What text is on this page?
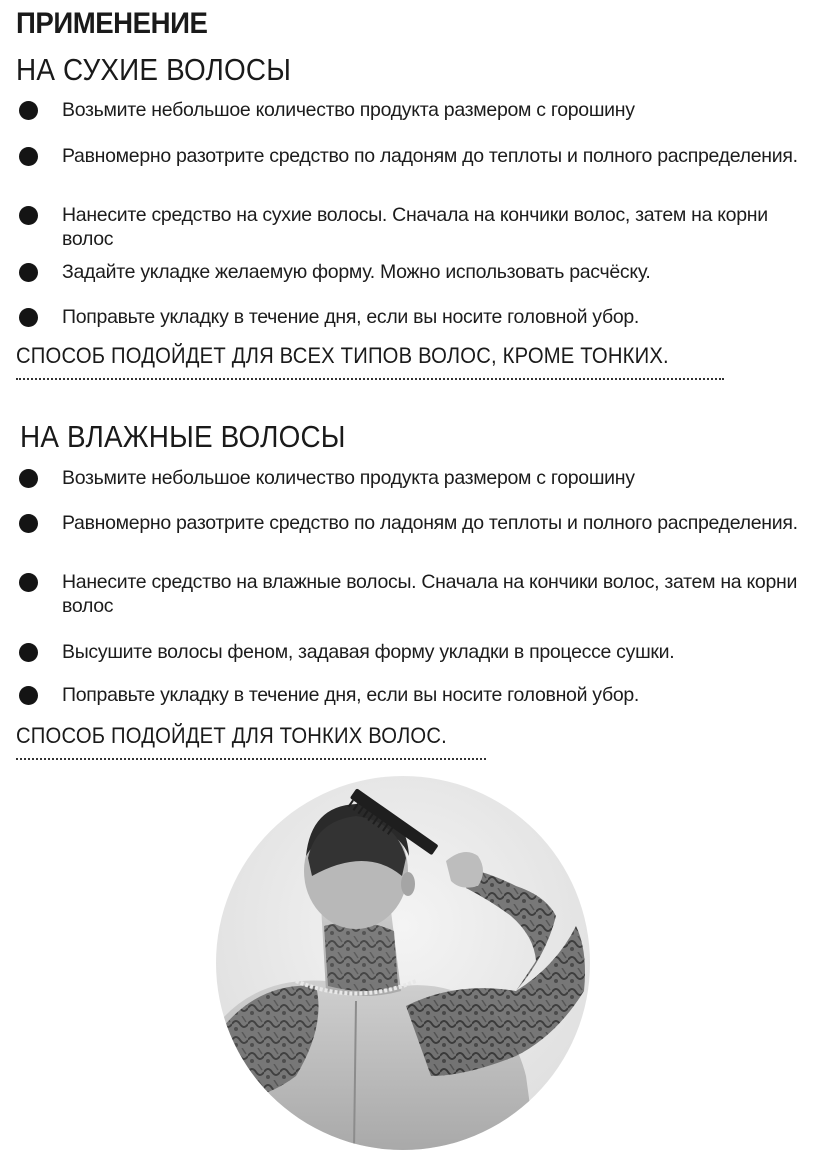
ПРИМЕНЕНИЕ
НА СУХИЕ ВОЛОСЫ
Возьмите небольшое количество продукта размером с горошину
Равномерно разотрите средство по ладоням до теплоты и полного распределения.
Нанесите средство на сухие волосы. Сначала на кончики волос, затем на корни волос
Задайте укладке желаемую форму. Можно использовать расчёску.
Поправьте укладку в течение дня, если вы носите головной убор.

СПОСОБ ПОДОЙДЕТ ДЛЯ ВСЕХ ТИПОВ ВОЛОС, КРОМЕ ТОНКИХ.

НА ВЛАЖНЫЕ ВОЛОСЫ
Возьмите небольшое количество продукта размером с горошину
Равномерно разотрите средство по ладоням до теплоты и полного распределения.
Нанесите средство на влажные волосы. Сначала на кончики волос, затем на корни волос
Высушите волосы феном, задавая форму укладки в процессе сушки.
Поправьте укладку в течение дня, если вы носите головной убор.

СПОСОБ ПОДОЙДЕТ ДЛЯ ТОНКИХ ВОЛОС.
